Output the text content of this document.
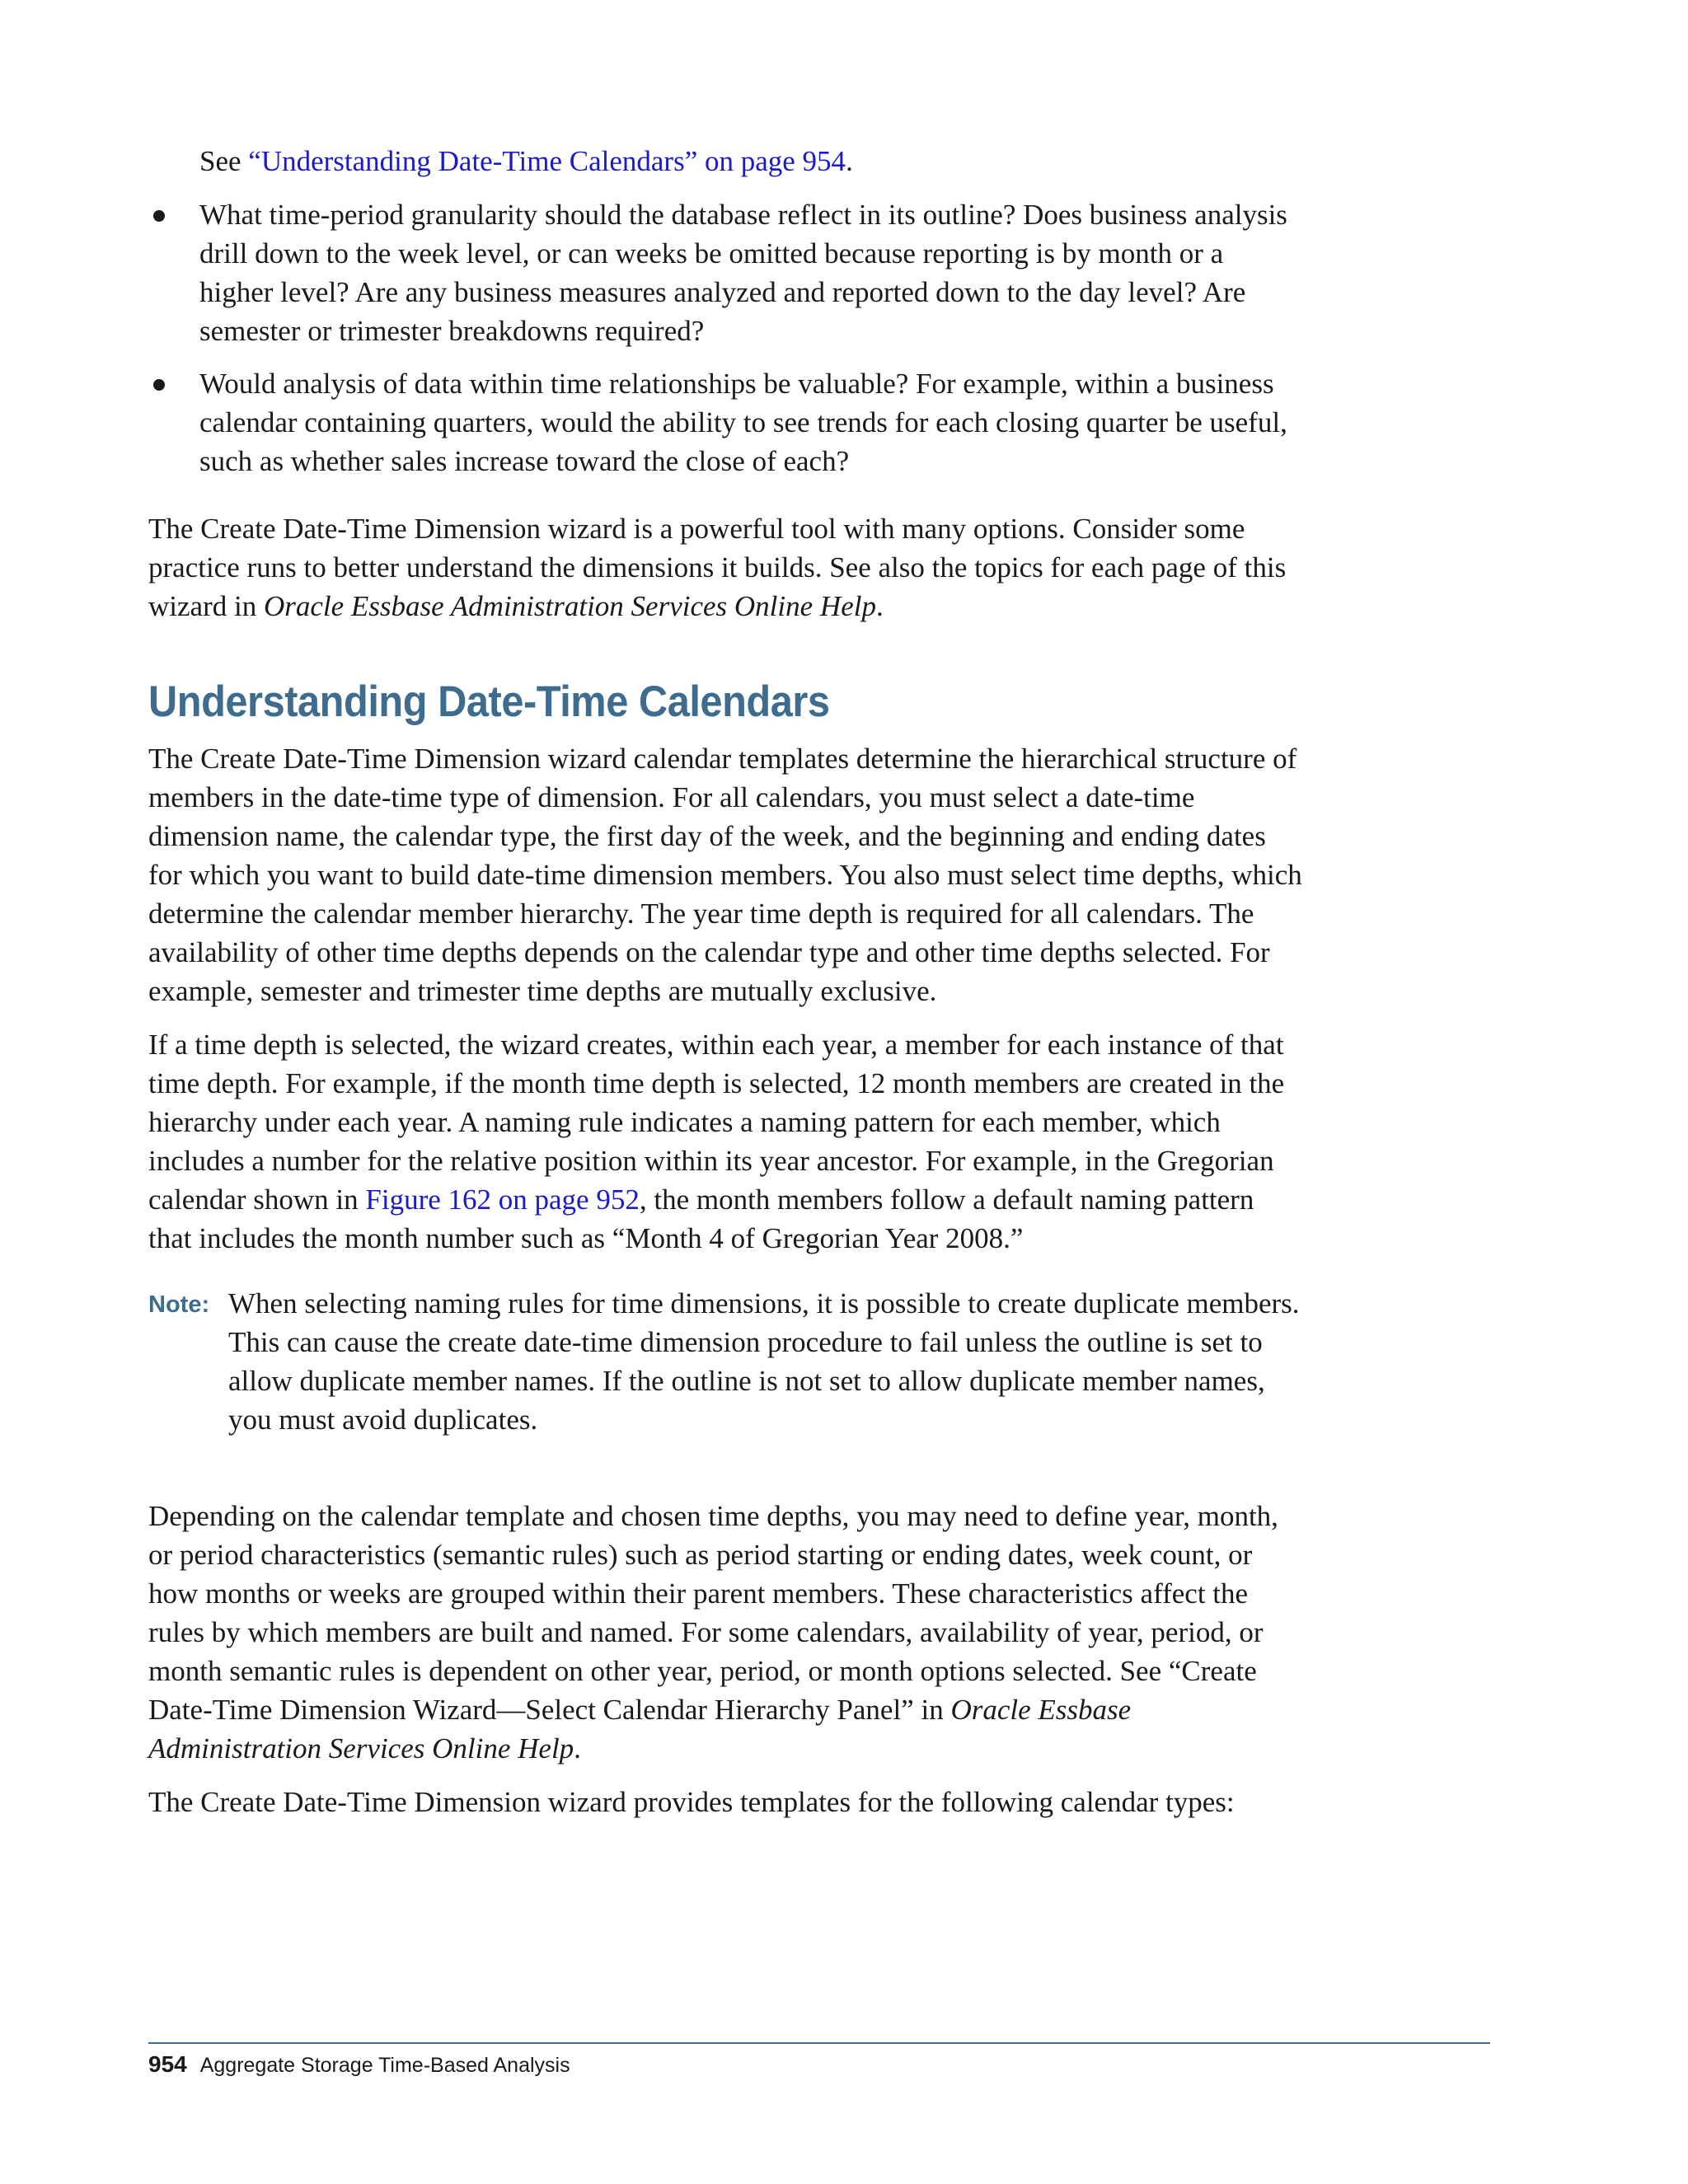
See “Understanding Date-Time Calendars” on page 954.

What time-period granularity should the database reflect in its outline? Does business analysis drill down to the week level, or can weeks be omitted because reporting is by month or a higher level? Are any business measures analyzed and reported down to the day level? Are semester or trimester breakdowns required?
Would analysis of data within time relationships be valuable? For example, within a business calendar containing quarters, would the ability to see trends for each closing quarter be useful, such as whether sales increase toward the close of each?

The Create Date-Time Dimension wizard is a powerful tool with many options. Consider some practice runs to better understand the dimensions it builds. See also the topics for each page of this wizard in Oracle Essbase Administration Services Online Help.

Understanding Date-Time Calendars

The Create Date-Time Dimension wizard calendar templates determine the hierarchical structure of members in the date-time type of dimension. For all calendars, you must select a date-time dimension name, the calendar type, the first day of the week, and the beginning and ending dates for which you want to build date-time dimension members. You also must select time depths, which determine the calendar member hierarchy. The year time depth is required for all calendars. The availability of other time depths depends on the calendar type and other time depths selected. For example, semester and trimester time depths are mutually exclusive.

If a time depth is selected, the wizard creates, within each year, a member for each instance of that time depth. For example, if the month time depth is selected, 12 month members are created in the hierarchy under each year. A naming rule indicates a naming pattern for each member, which includes a number for the relative position within its year ancestor. For example, in the Gregorian calendar shown in Figure 162 on page 952, the month members follow a default naming pattern that includes the month number such as “Month 4 of Gregorian Year 2008.”

Note: When selecting naming rules for time dimensions, it is possible to create duplicate members. This can cause the create date-time dimension procedure to fail unless the outline is set to allow duplicate member names. If the outline is not set to allow duplicate member names, you must avoid duplicates.

Depending on the calendar template and chosen time depths, you may need to define year, month, or period characteristics (semantic rules) such as period starting or ending dates, week count, or how months or weeks are grouped within their parent members. These characteristics affect the rules by which members are built and named. For some calendars, availability of year, period, or month semantic rules is dependent on other year, period, or month options selected. See “Create Date-Time Dimension Wizard—Select Calendar Hierarchy Panel” in Oracle Essbase Administration Services Online Help.

The Create Date-Time Dimension wizard provides templates for the following calendar types:

954 Aggregate Storage Time-Based Analysis
